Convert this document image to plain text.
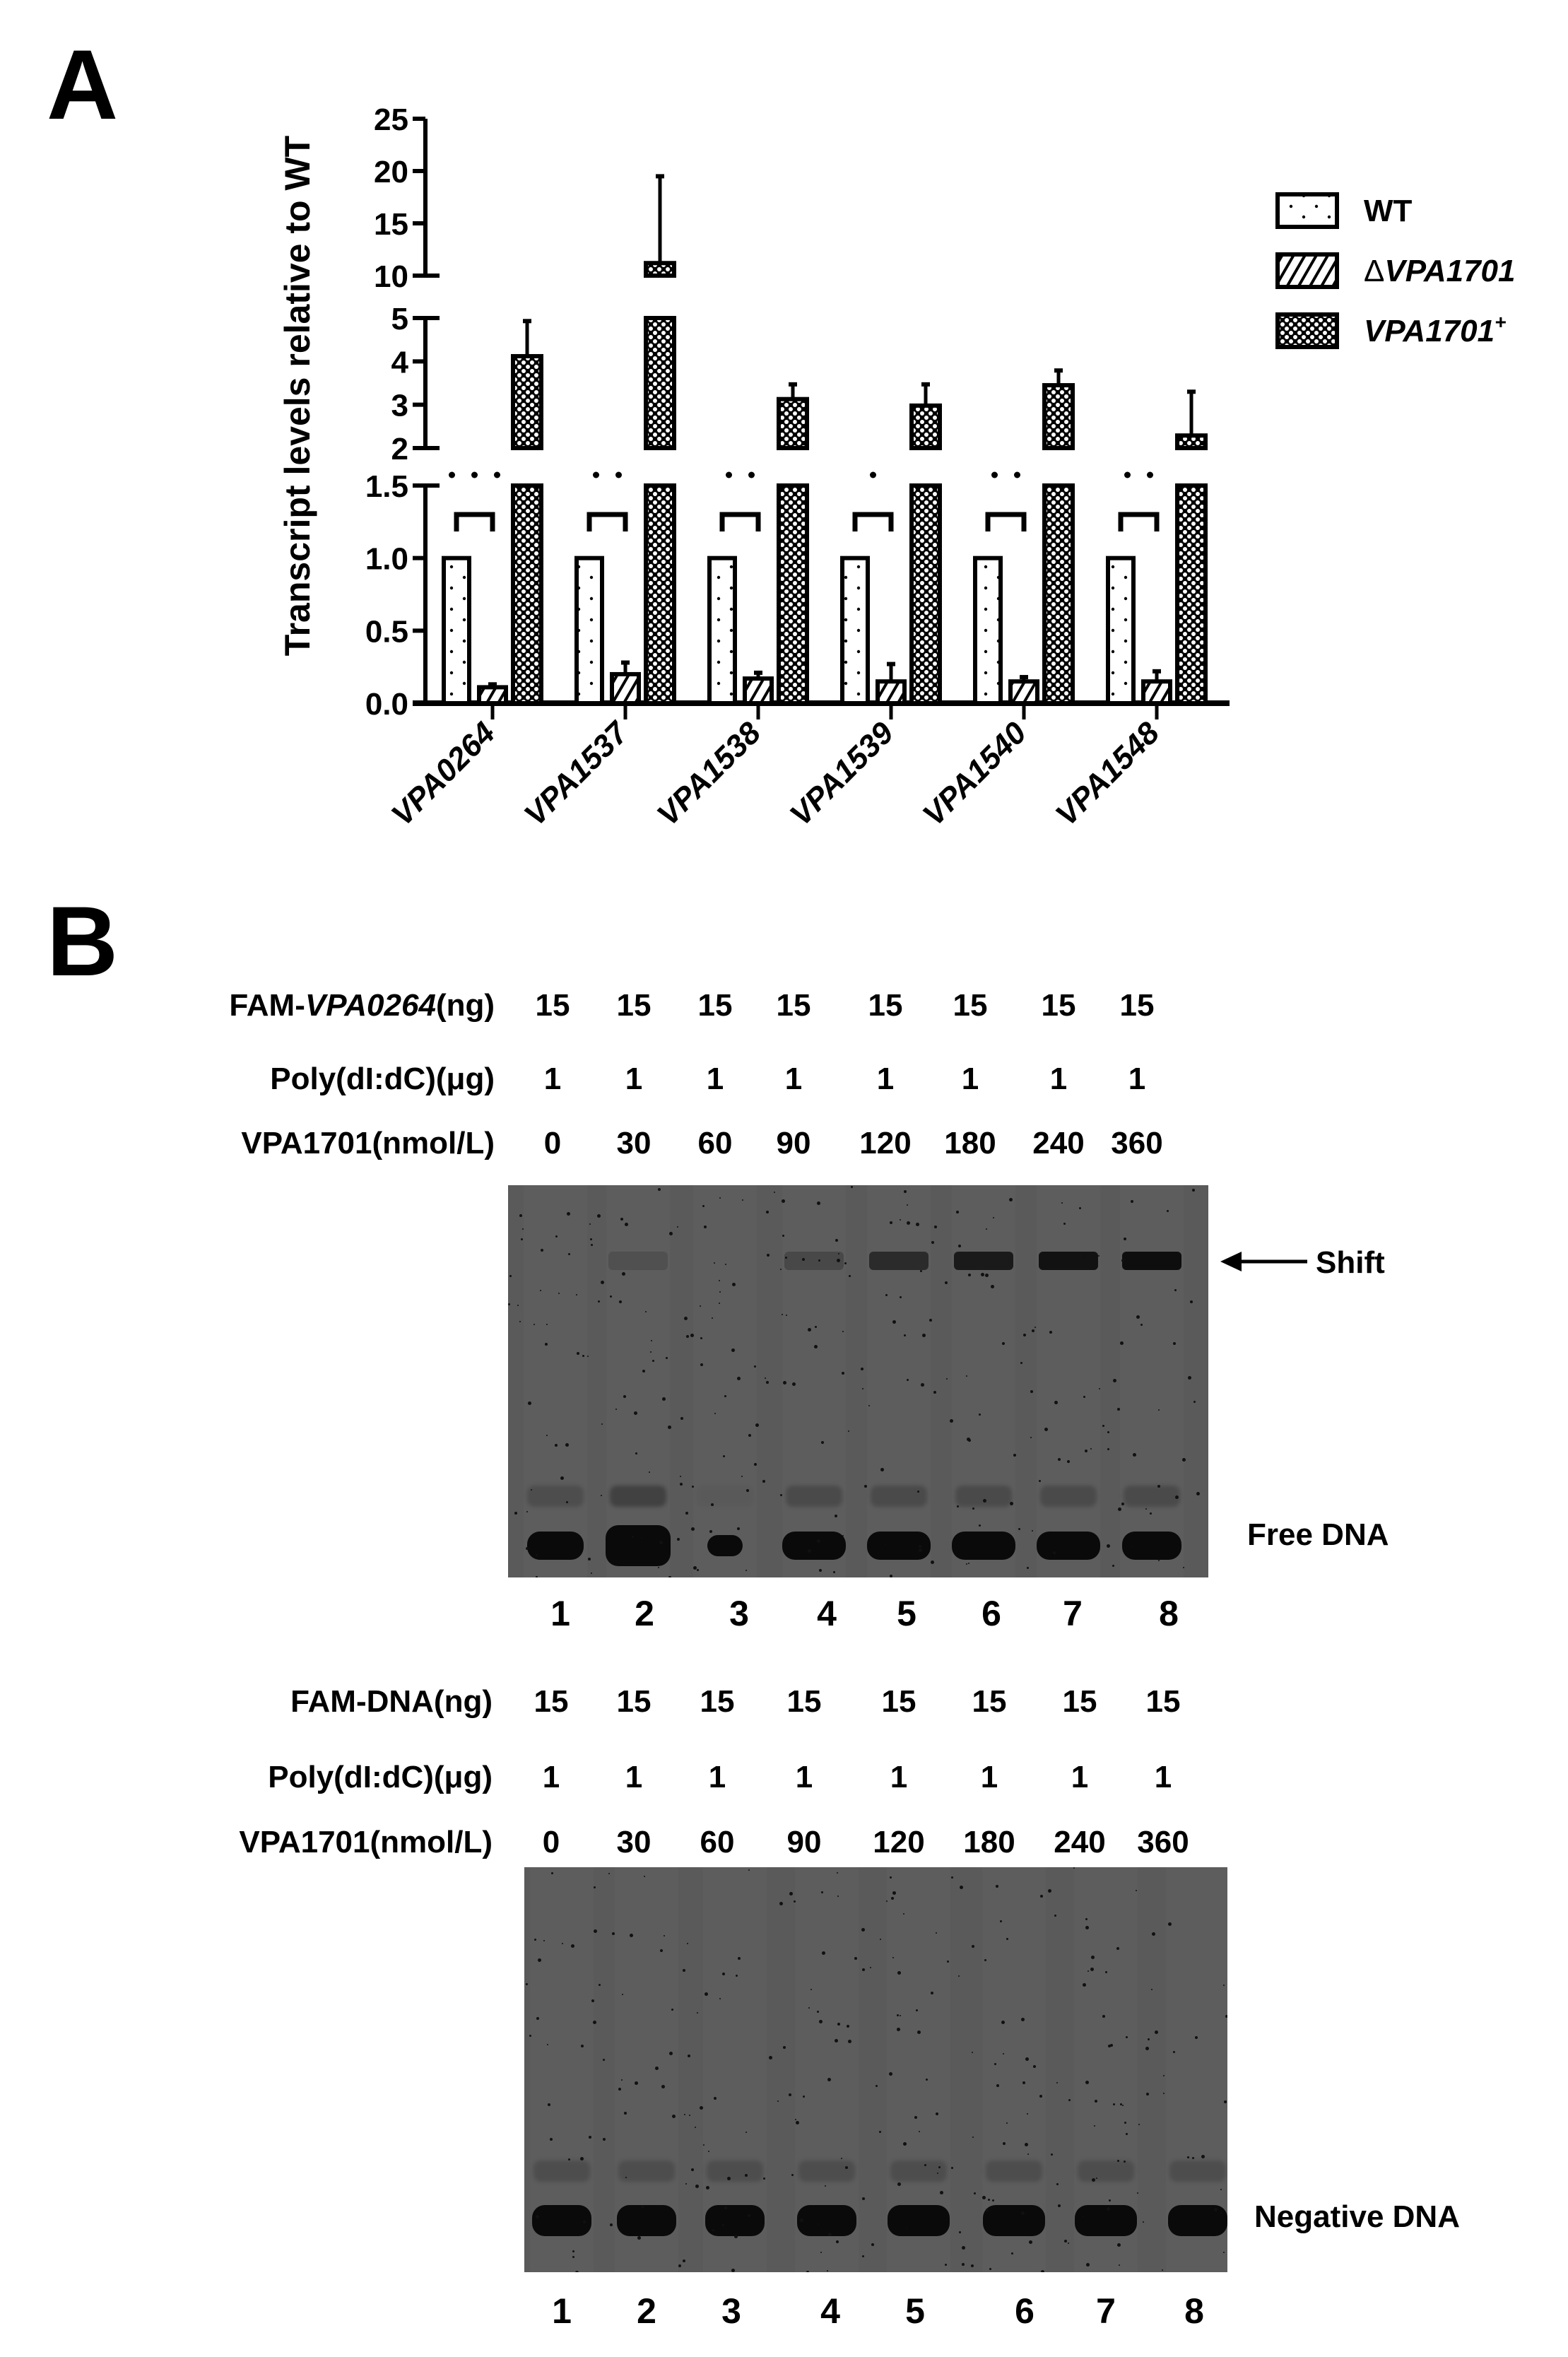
A
B
0.0
0.5
1.0
1.5
2
3
4
5
10
15
20
25
VPA0264 VPA1537 VPA1538 VPA1539 VPA1540 VPA1548
Transcript levels relative to WT	WT
ΔVPA1701
VPA1701+
FAM-VPA0264(ng) 15 15 15 15 15 15 15 15
Poly(dI:dC)(μg) 1 1 1 1 1 1 1 1
VPA1701(nmol/L) 0 30 60 90 120 180 240 360
Shift
Free DNA
1 2 3 4 5 6 7 8
FAM-DNA(ng) 15 15 15 15 15 15 15 15
Poly(dI:dC)(μg) 1 1 1 1 1 1 1 1
VPA1701(nmol/L) 0 30 60 90 120 180 240 360
Negative DNA
1 2 3 4 5	6 7 8
